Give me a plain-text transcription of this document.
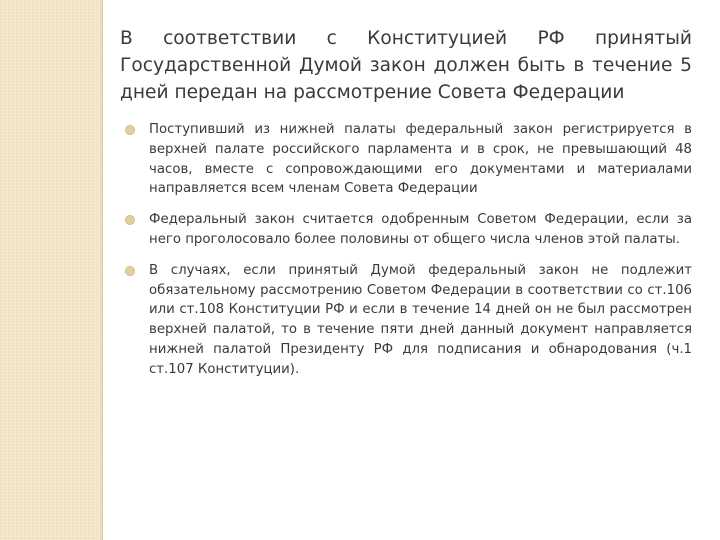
В соответствии с Конституцией РФ принятый Государственной Думой закон должен быть в течение 5 дней передан на рассмотрение Совета Федерации
Поступивший из нижней палаты федеральный закон регистрируется в верхней палате российского парламента и в срок, не превышающий 48 часов, вместе с сопровождающими его документами и материалами направляется всем членам Совета Федерации
Федеральный закон считается одобренным Советом Федерации, если за него проголосовало более половины от общего числа членов этой палаты.
В случаях, если принятый Думой федеральный закон не подлежит обязательному рассмотрению Советом Федерации в соответствии со ст.106 или ст.108 Конституции РФ и если в течение 14 дней он не был рассмотрен верхней палатой, то в течение пяти дней данный документ направляется нижней палатой Президенту РФ для подписания и обнародования (ч.1 ст.107 Конституции).
